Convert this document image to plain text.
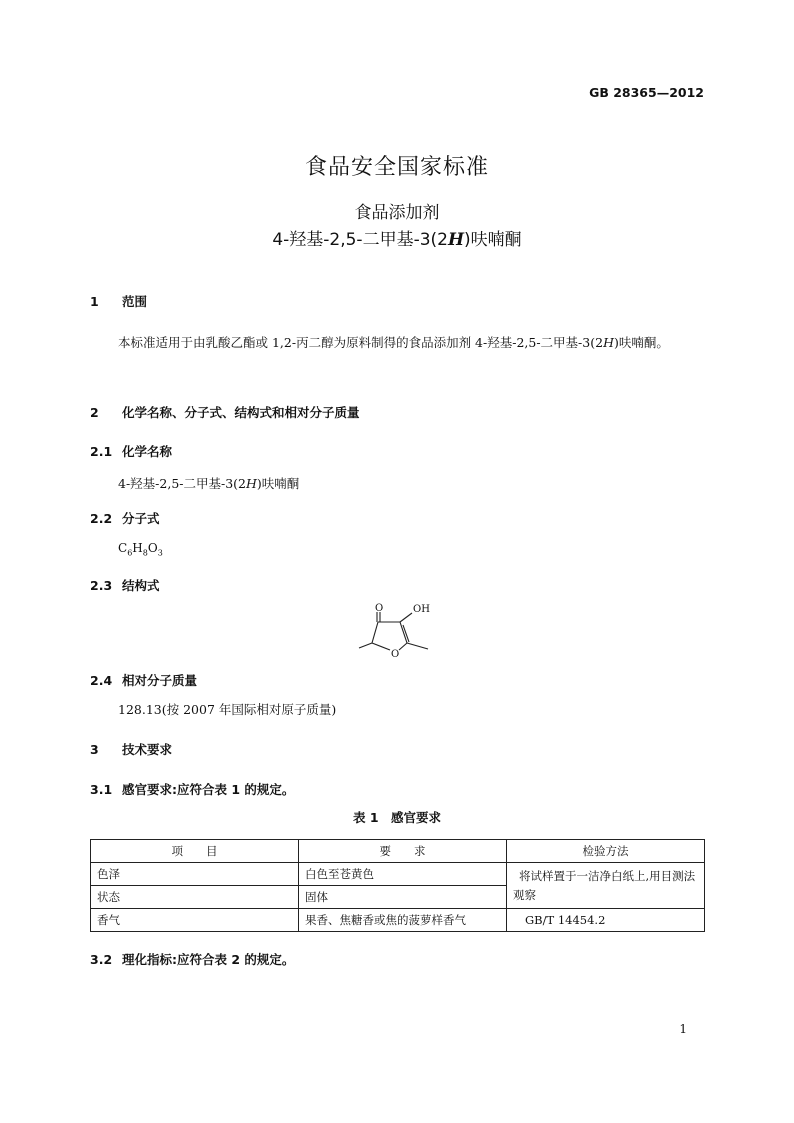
GB 28365—2012
食品安全国家标准
食品添加剂
4-羟基-2,5-二甲基-3(2H)呋喃酮
1 范围
本标准适用于由乳酸乙酯或 1,2-丙二醇为原料制得的食品添加剂 4-羟基-2,5-二甲基-3(2H)呋喃酮。
2 化学名称、分子式、结构式和相对分子质量
2.1 化学名称
4-羟基-2,5-二甲基-3(2H)呋喃酮
2.2 分子式
$C_6H_8O_3$
2.3 结构式
O	OH
O
2.4 相对分子质量
128.13(按 2007 年国际相对原子质量)
3 技术要求
3.1 感官要求:应符合表 1 的规定。
表 1　感官要求
项　　目	要　　求	检验方法
色泽	白色至苍黄色	将试样置于一洁净白纸上,用目测法观察
状态	固体	
香气	果香、焦糖香或焦的菠萝样香气	GB/T 14454.2
3.2 理化指标:应符合表 2 的规定。
1
